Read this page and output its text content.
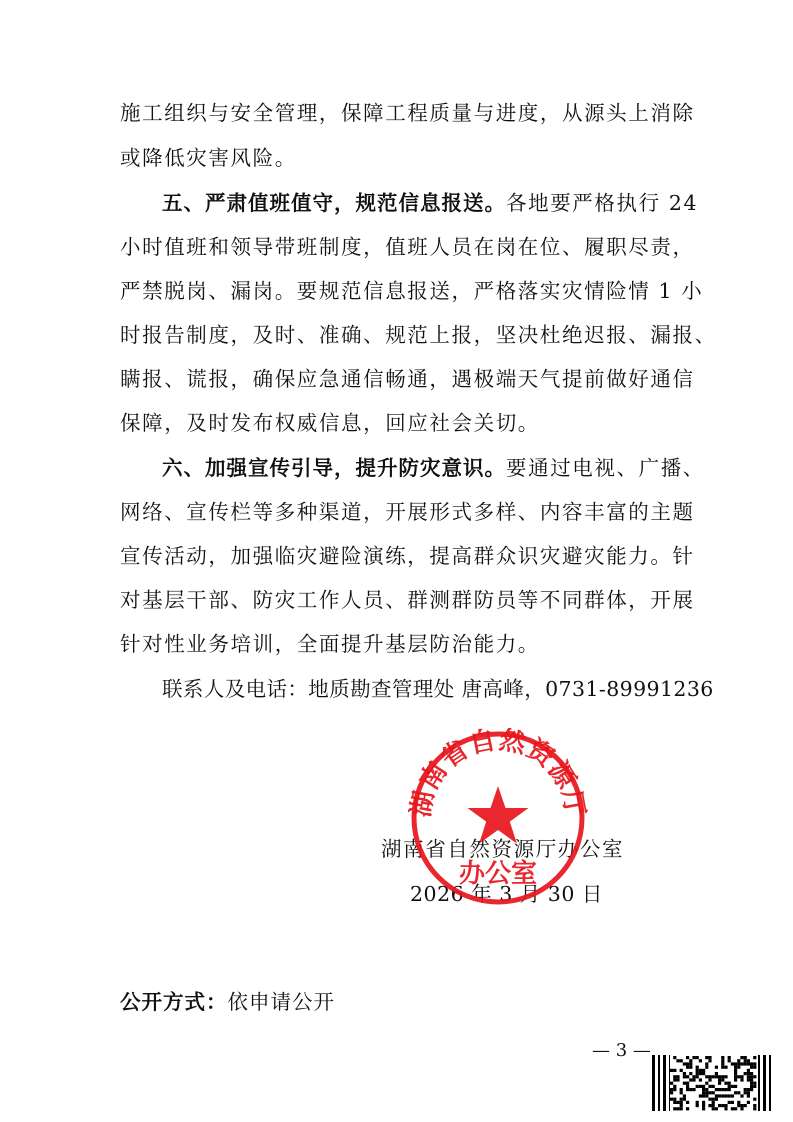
施工组织与安全管理，保障工程质量与进度，从源头上消除
或降低灾害风险。
五、严肃值班值守，规范信息报送。各地要严格执行 24
小时值班和领导带班制度，值班人员在岗在位、履职尽责，
严禁脱岗、漏岗。要规范信息报送，严格落实灾情险情 1 小
时报告制度，及时、准确、规范上报，坚决杜绝迟报、漏报、
瞒报、谎报，确保应急通信畅通，遇极端天气提前做好通信
保障，及时发布权威信息，回应社会关切。
六、加强宣传引导，提升防灾意识。要通过电视、广播、
网络、宣传栏等多种渠道，开展形式多样、内容丰富的主题
宣传活动，加强临灾避险演练，提高群众识灾避灾能力。针
对基层干部、防灾工作人员、群测群防员等不同群体，开展
针对性业务培训，全面提升基层防治能力。
联系人及电话：地质勘查管理处 唐高峰，0731-89991236
湖南省自然资源厅办公室
2026 年 3 月 30 日
湖南省自然资源厅
办公室
公开方式：依申请公开
— 3 —
